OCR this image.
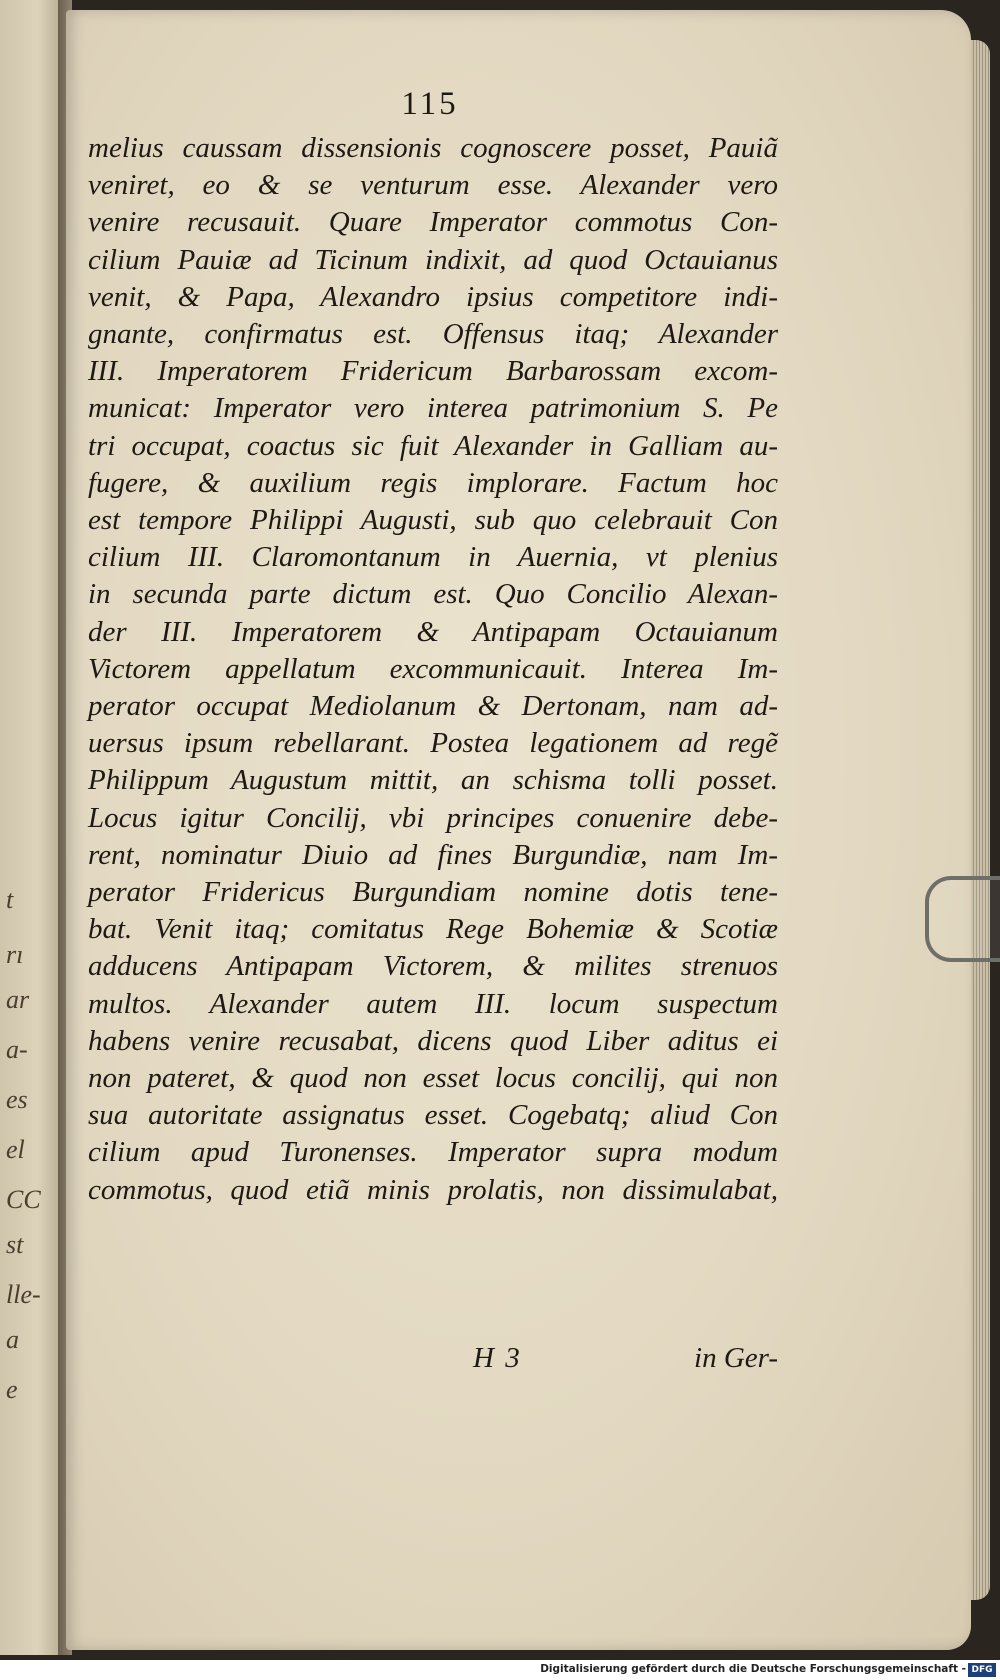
t
rı
ar
a-
es
el
CC
st
lle-
a
e
115
melius caussam dissensionis cognoscere posset, Pauiã
veniret, eo & se venturum esse. Alexander vero
venire recusauit. Quare Imperator commotus Con-
cilium Pauiæ ad Ticinum indixit, ad quod Octauianus
venit, & Papa, Alexandro ipsius competitore indi-
gnante, confirmatus est. Offensus itaq; Alexander
III. Imperatorem Fridericum Barbarossam excom-
municat: Imperator vero interea patrimonium S. Pe
tri occupat, coactus sic fuit Alexander in Galliam au-
fugere, & auxilium regis implorare. Factum hoc
est tempore Philippi Augusti, sub quo celebrauit Con
cilium III. Claromontanum in Auernia, vt plenius
in secunda parte dictum est. Quo Concilio Alexan-
der III. Imperatorem & Antipapam Octauianum
Victorem appellatum excommunicauit. Interea Im-
perator occupat Mediolanum & Dertonam, nam ad-
uersus ipsum rebellarant. Postea legationem ad regẽ
Philippum Augustum mittit, an schisma tolli posset.
Locus igitur Concilij, vbi principes conuenire debe-
rent, nominatur Diuio ad fines Burgundiæ, nam Im-
perator Fridericus Burgundiam nomine dotis tene-
bat. Venit itaq; comitatus Rege Bohemiæ & Scotiæ
adducens Antipapam Victorem, & milites strenuos
multos. Alexander autem III. locum suspectum
habens venire recusabat, dicens quod Liber aditus ei
non pateret, & quod non esset locus concilij, qui non
sua autoritate assignatus esset. Cogebatq; aliud Con
cilium apud Turonenses. Imperator supra modum
commotus, quod etiã minis prolatis, non dissimulabat,
H 3	in Ger-
Digitalisierung gefördert durch die Deutsche Forschungsgemeinschaft - DFG
